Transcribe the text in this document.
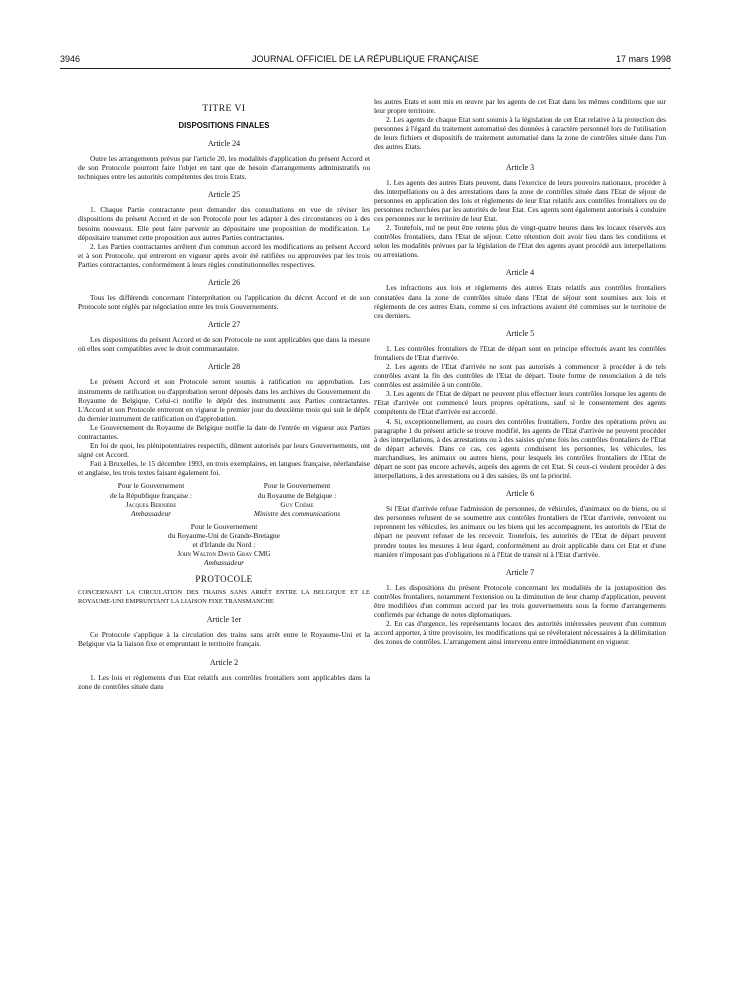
3946	JOURNAL OFFICIEL DE LA RÉPUBLIQUE FRANÇAISE	17 mars 1998
TITRE VI
DISPOSITIONS FINALES
Article 24

Outre les arrangements prévus par l'article 20, les modalités d'application du présent Accord et de son Protocole pourront faire l'objet en tant que de besoin d'arrangements administratifs ou techniques entre les autorités compétentes des trois Etats.

Article 25

1. Chaque Partie contractante peut demander des consultations en vue de réviser les dispositions du présent Accord et de son Protocole pour les adapter à des circonstances ou à des besoins nouveaux. Elle peut faire parvenir au dépositaire une proposition de modification. Le dépositaire transmet cette proposition aux autres Parties contractantes.

2. Les Parties contractantes arrêtent d'un commun accord les modifications au présent Accord et à son Protocole, qui entreront en vigueur après avoir été ratifiées ou approuvées par les trois Parties contractantes, conformément à leurs règles constitutionnelles respectives.

Article 26

Tous les différends concernant l'interprétation ou l'application du décret Accord et de son Protocole sont réglés par négociation entre les trois Gouvernements.

Article 27

Les dispositions du présent Accord et de son Protocole ne sont applicables que dans la mesure où elles sont compatibles avec le droit communautaire.

Article 28

Le présent Accord et son Protocole seront soumis à ratification ou approbation. Les instruments de ratification ou d'approbation seront déposés dans les archives du Gouvernement du Royaume de Belgique. Celui-ci notifie le dépôt des instruments aux Parties contractantes. L'Accord et son Protocole entreront en vigueur le premier jour du deuxième mois qui suit le dépôt du dernier instrument de ratification ou d'approbation.

Le Gouvernement du Royaume de Belgique notifie la date de l'entrée en vigueur aux Parties contractantes.

En foi de quoi, les plénipotentiaires respectifs, dûment autorisés par leurs Gouvernements, ont signé cet Accord.

Fait à Bruxelles, le 15 décembre 1993, en trois exemplaires, en langues française, néerlandaise et anglaise, les trois textes faisant également foi.

Pour le Gouvernement
de la République française :
Jacques Bernière
Ambassadeur
Pour le Gouvernement
du Royaume de Belgique :
Guy Coëme
Ministre des communications
Pour le Gouvernement
du Royaume-Uni de Grande-Bretagne
et d'Irlande du Nord :
John Walton David Gray CMG
Ambassadeur
PROTOCOLE
CONCERNANT LA CIRCULATION DES TRAINS SANS ARRÊT ENTRE LA BELGIQUE ET LE ROYAUME-UNI EMPRUNTANT LA LIAISON FIXE TRANSMANCHE
Article 1er

Ce Protocole s'applique à la circulation des trains sans arrêt entre le Royaume-Uni et la Belgique via la liaison fixe et empruntant le territoire français.

Article 2

1. Les lois et règlements d'un Etat relatifs aux contrôles frontaliers sont applicables dans la zone de contrôles située dans

les autres Etats et sont mis en œuvre par les agents de cet Etat dans les mêmes conditions que sur leur propre territoire.

2. Les agents de chaque Etat sont soumis à la législation de cet Etat relative à la protection des personnes à l'égard du traitement automatisé des données à caractère personnel lors de l'utilisation de leurs fichiers et dispositifs de traitement automatisé dans la zone de contrôles située dans l'un des autres Etats.

Article 3

1. Les agents des autres Etats peuvent, dans l'exercice de leurs pouvoirs nationaux, procéder à des interpellations ou à des arrestations dans la zone de contrôles située dans l'Etat de séjour de personnes en application des lois et règlements de leur Etat relatifs aux contrôles frontaliers ou de personnes recherchées par les autorités de leur Etat. Ces agents sont également autorisés à conduire ces personnes sur le territoire de leur Etat.

2. Toutefois, nul ne peut être retenu plus de vingt-quatre heures dans les locaux réservés aux contrôles frontaliers, dans l'Etat de séjour. Cette rétention doit avoir lieu dans les conditions et selon les modalités prévues par la législation de l'Etat des agents ayant procédé aux interpellations ou arrestations.

Article 4

Les infractions aux lois et règlements des autres Etats relatifs aux contrôles frontaliers constatées dans la zone de contrôles située dans l'Etat de séjour sont soumises aux lois et règlements de ces autres Etats, comme si ces infractions avaient été commises sur le territoire de ces derniers.

Article 5

1. Les contrôles frontaliers de l'Etat de départ sont en principe effectués avant les contrôles frontaliers de l'Etat d'arrivée.

2. Les agents de l'Etat d'arrivée ne sont pas autorisés à commencer à procéder à de tels contrôles avant la fin des contrôles de l'Etat de départ. Toute forme de renonciation à de tels contrôles est assimilée à un contrôle.

3. Les agents de l'Etat de départ ne peuvent plus effectuer leurs contrôles lorsque les agents de l'Etat d'arrivée ont commencé leurs propres opérations, sauf si le consentement des agents compétents de l'Etat d'arrivée est accordé.

4. Si, exceptionnellement, au cours des contrôles frontaliers, l'ordre des opérations prévu au paragraphe 1 du présent article se trouve modifié, les agents de l'Etat d'arrivée ne peuvent procéder à des interpellations, à des arrestations ou à des saisies qu'une fois les contrôles frontaliers de l'Etat de départ achevés. Dans ce cas, ces agents conduisent les personnes, les véhicules, les marchandises, les animaux ou autres biens, pour lesquels les contrôles frontaliers de l'Etat de départ ne sont pas encore achevés, auprès des agents de cet Etat. Si ceux-ci veulent procéder à des interpellations, à des arrestations ou à des saisies, ils ont la priorité.

Article 6

Si l'Etat d'arrivée refuse l'admission de personnes, de véhicules, d'animaux ou de biens, ou si des personnes refusent de se soumettre aux contrôles frontaliers de l'Etat d'arrivée, renvoient ou reprennent les véhicules, les animaux ou les biens qui les accompagnent, les autorités de l'Etat de départ ne peuvent refuser de les recevoir. Toutefois, les autorités de l'Etat de départ peuvent prendre toutes les mesures à leur égard, conformément au droit applicable dans cet Etat et d'une manière n'imposant pas d'obligations ni à l'Etat de transit ni à l'Etat d'arrivée.

Article 7

1. Les dispositions du présent Protocole concernant les modalités de la juxtaposition des contrôles frontaliers, notamment l'extension ou la diminution de leur champ d'application, peuvent être modifiées d'un commun accord par les trois gouvernements sous la forme d'arrangements confirmés par échange de notes diplomatiques.

2. En cas d'urgence, les représentants locaux des autorités intéressées peuvent d'un commun accord apporter, à titre provisoire, les modifications qui se révéleraient nécessaires à la délimitation des zones de contrôles. L'arrangement ainsi intervenu entre immédiatement en vigueur.
